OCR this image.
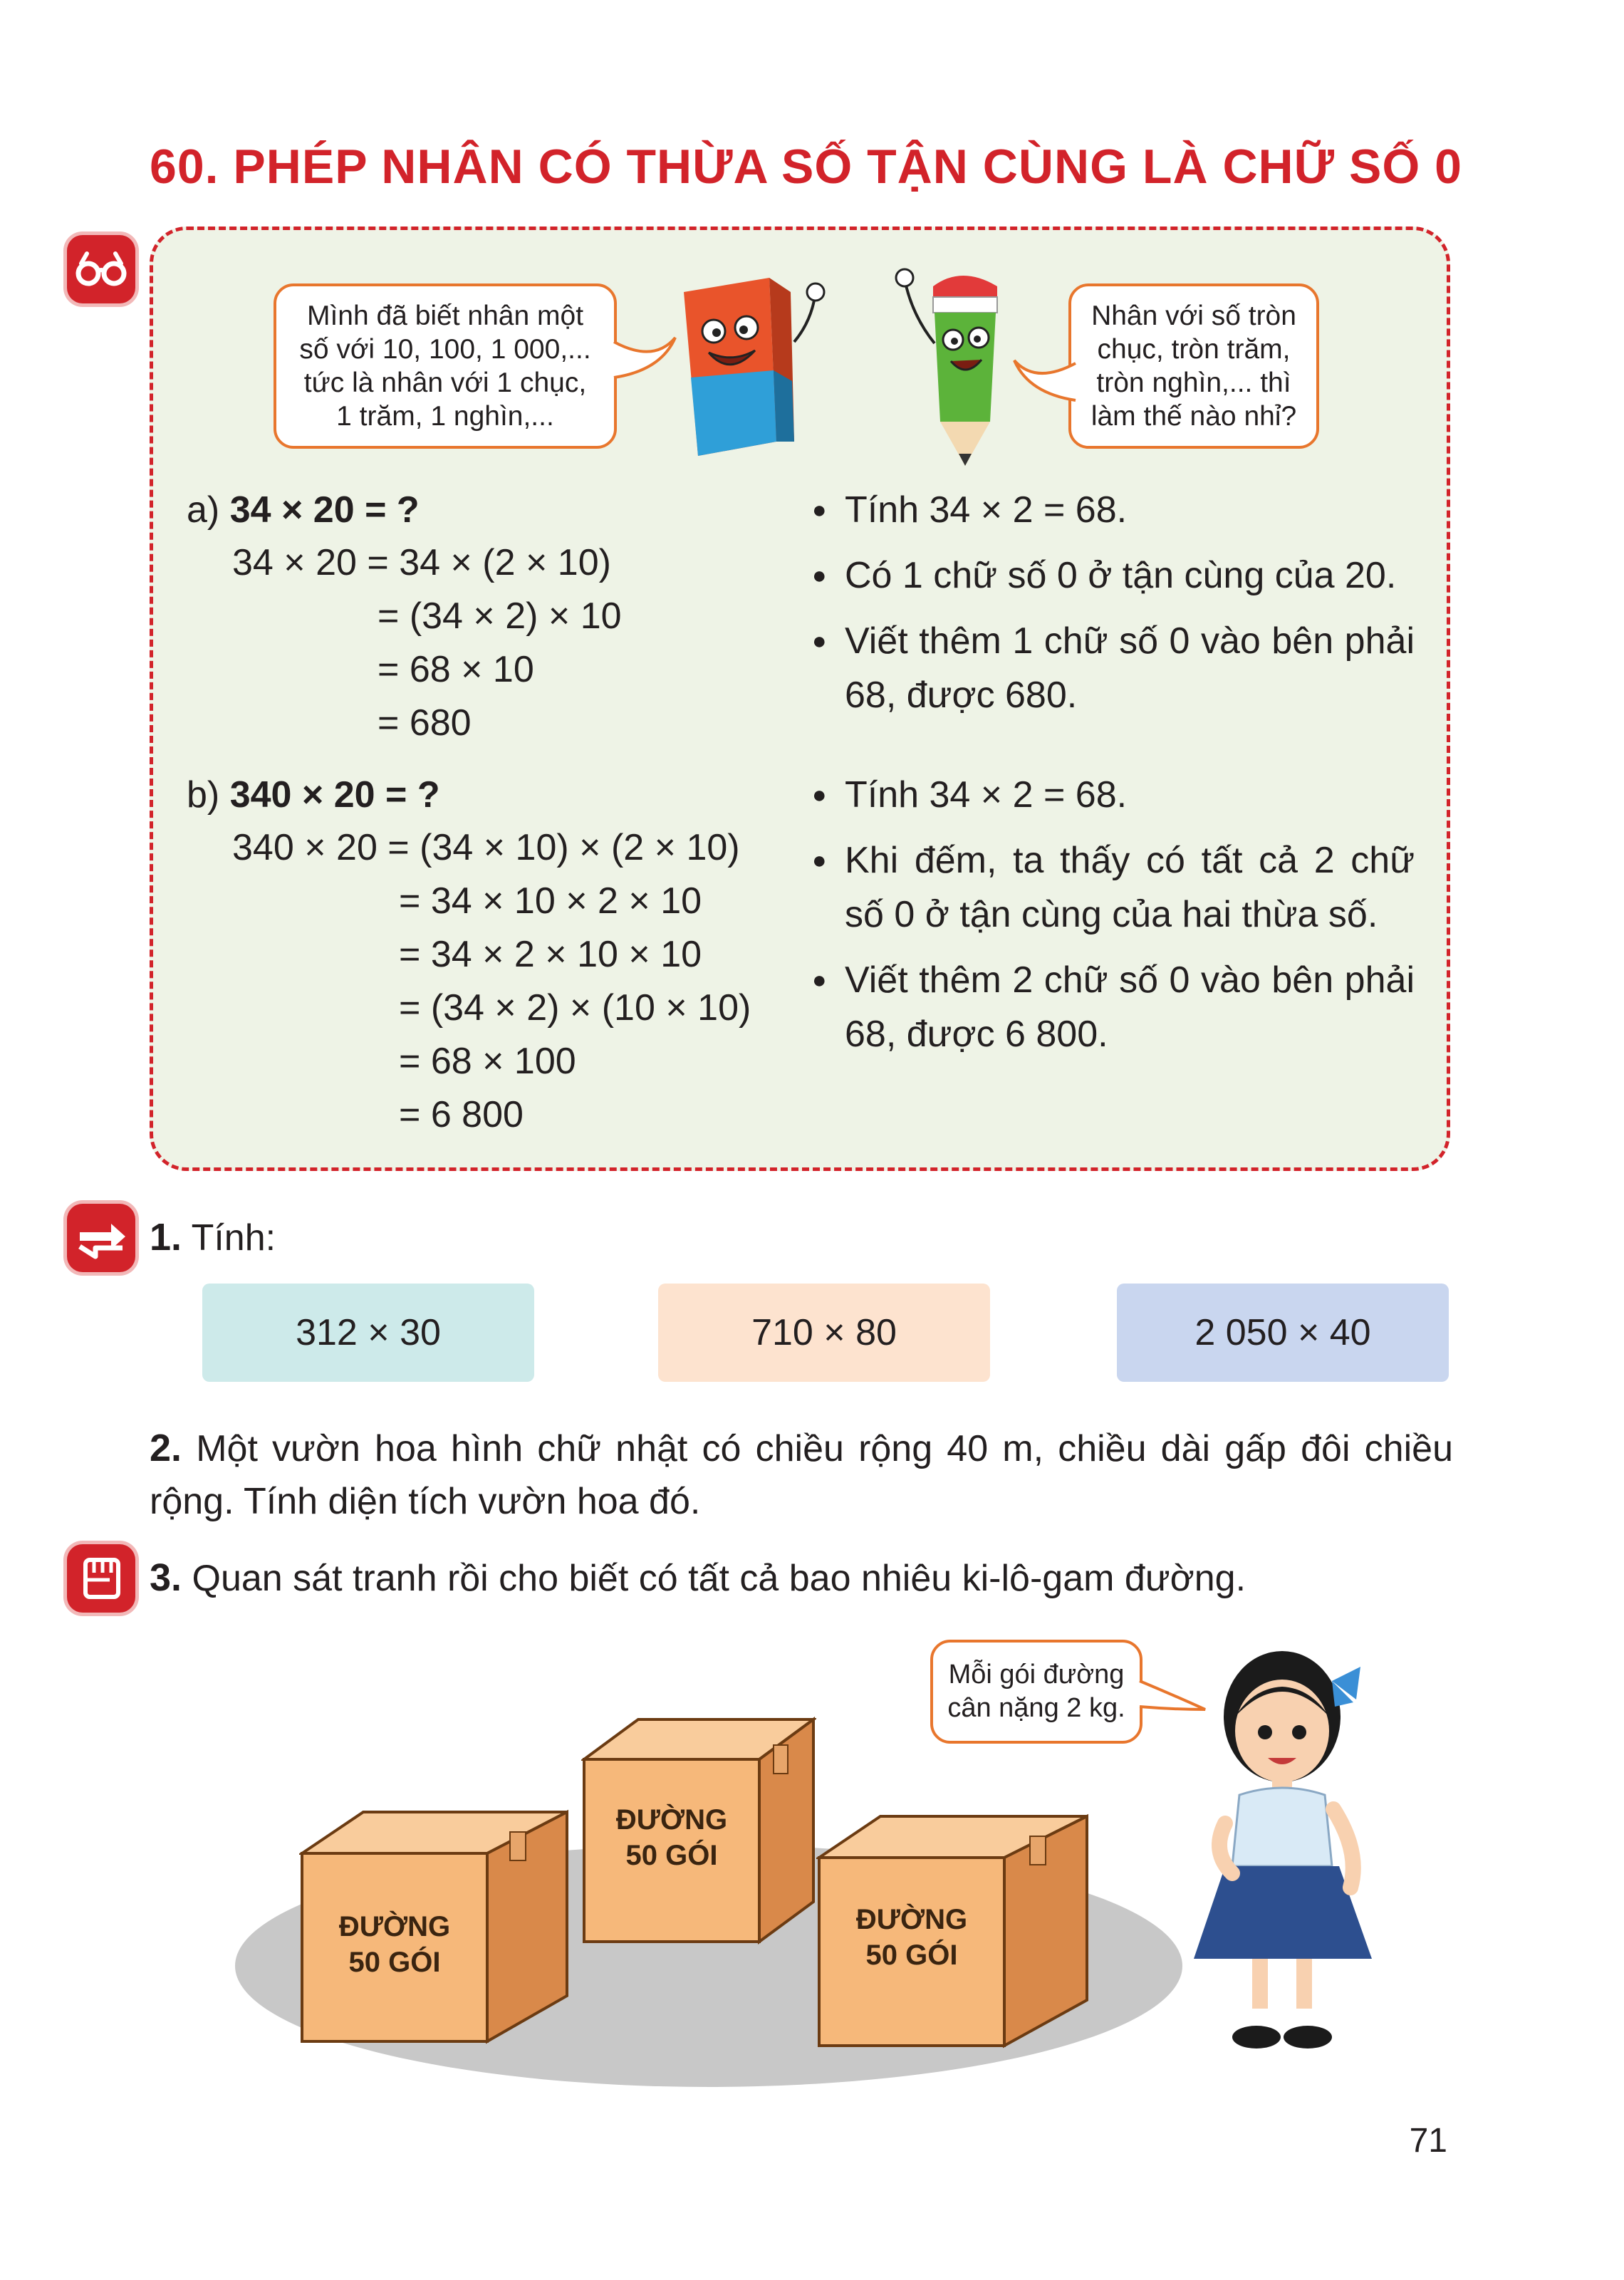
60. PHÉP NHÂN CÓ THỪA SỐ TẬN CÙNG LÀ CHỮ SỐ 0
Mình đã biết nhân một
số với 10, 100, 1 000,...
tức là nhân với 1 chục,
1 trăm, 1 nghìn,...
Nhân với số tròn
chục, tròn trăm,
tròn nghìn,... thì
làm thế nào nhỉ?
a) 34 × 20 = ?
34 × 20 = 34 × (2 × 10)
= (34 × 2) × 10
= 68 × 10
= 680
● Tính 34 × 2 = 68.
● Có 1 chữ số 0 ở tận cùng của 20.
● Viết thêm 1 chữ số 0 vào bên phải 68, được 680.
b) 340 × 20 = ?
340 × 20 = (34 × 10) × (2 × 10)
= 34 × 10 × 2 × 10
= 34 × 2 × 10 × 10
= (34 × 2) × (10 × 10)
= 68 × 100
= 6 800
● Tính 34 × 2 = 68.
● Khi đếm, ta thấy có tất cả 2 chữ số 0 ở tận cùng của hai thừa số.
● Viết thêm 2 chữ số 0 vào bên phải 68, được 6 800.
1. Tính:
312 × 30	710 × 80	2 050 × 40
2. Một vườn hoa hình chữ nhật có chiều rộng 40 m, chiều dài gấp đôi chiều rộng. Tính diện tích vườn hoa đó.
3. Quan sát tranh rồi cho biết có tất cả bao nhiêu ki-lô-gam đường.
Mỗi gói đường
cân nặng 2 kg.
ĐƯỜNG
50 GÓI
ĐƯỜNG
50 GÓI
ĐƯỜNG
50 GÓI
71
